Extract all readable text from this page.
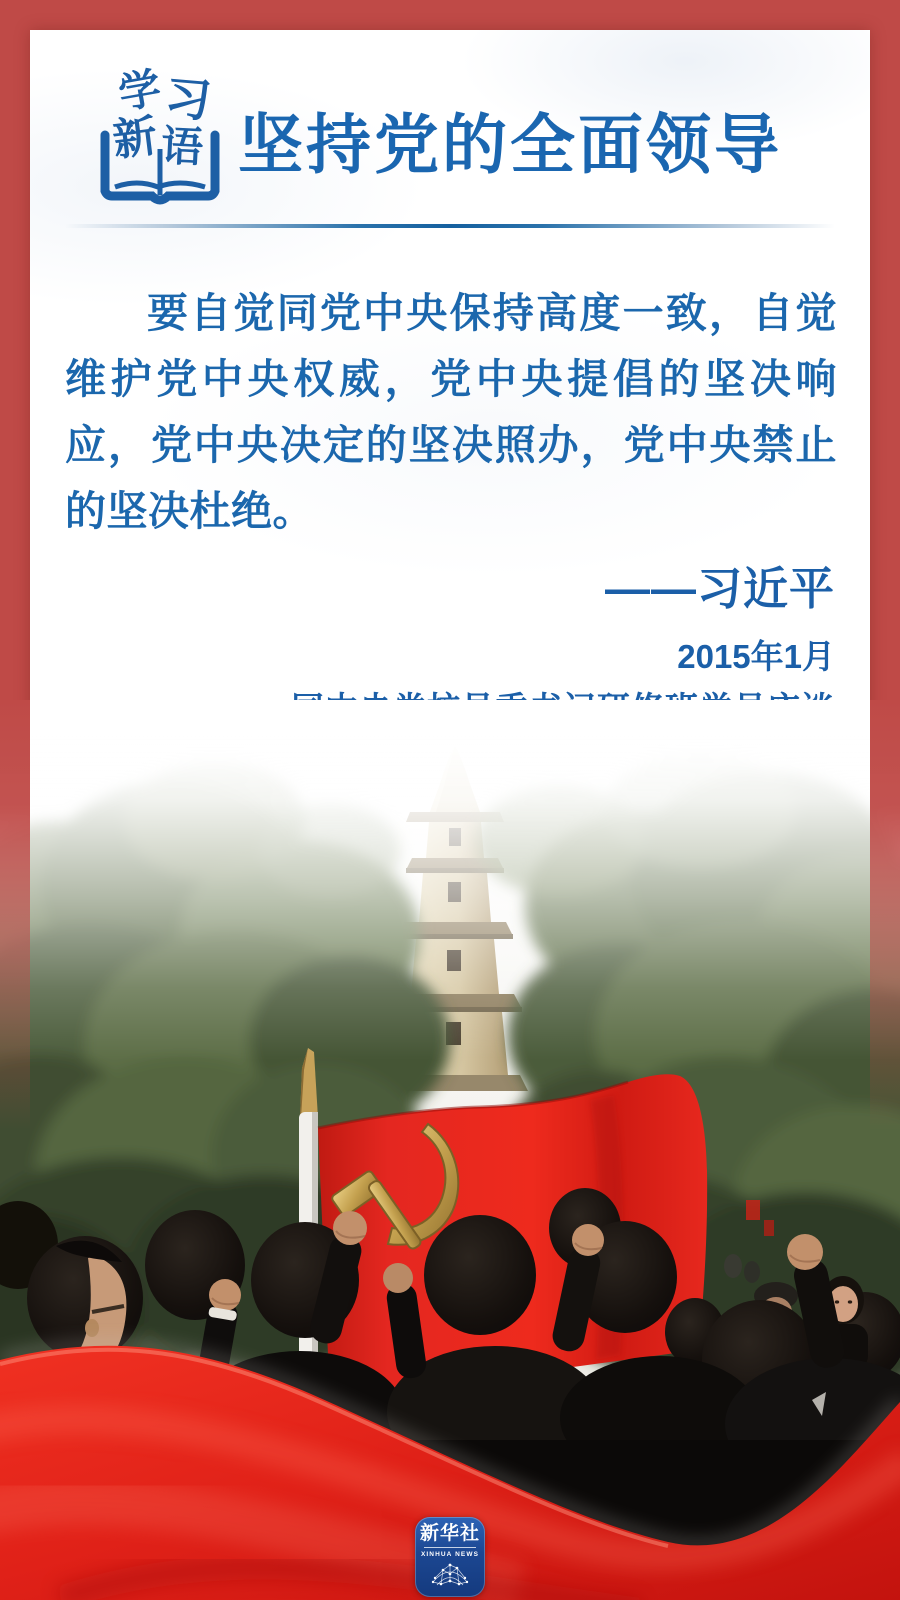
学
习
新 语 坚持党的全面领导
要自觉同党中央保持高度一致，自觉维护党中央权威，党中央提倡的坚决响应，党中央决定的坚决照办，党中央禁止的坚决杜绝。
——习近平
2015年1月
新华社
XINHUA NEWS
